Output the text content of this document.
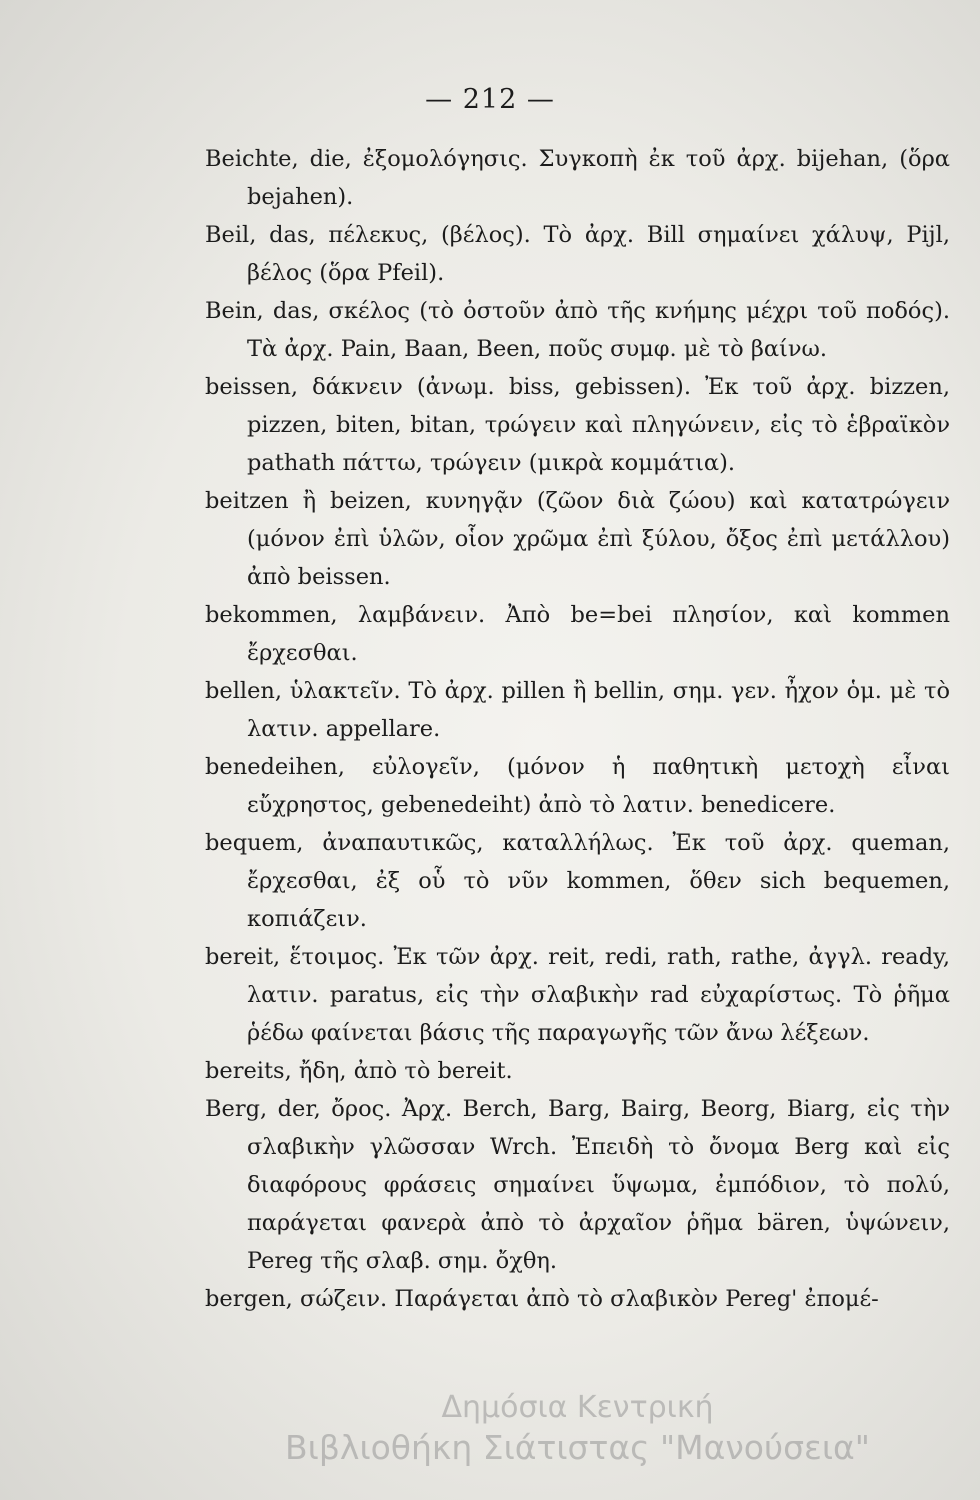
— 212 —

Beichte, die, ἐξομολόγησις. Συγκοπὴ ἐκ τοῦ ἀρχ. bijehan, (ὅρα bejahen).

Beil, das, πέλεκυς, (βέλος). Τὸ ἀρχ. Bill σημαίνει χάλυψ, Pijl, βέλος (ὅρα Pfeil).

Bein, das, σκέλος (τὸ ὀστοῦν ἀπὸ τῆς κνήμης μέχρι τοῦ ποδός). Τὰ ἀρχ. Pain, Baan, Been, ποῦς συμφ. μὲ τὸ βαίνω.

beissen, δάκνειν (ἀνωμ. biss, gebissen). Ἐκ τοῦ ἀρχ. bizzen, pizzen, biten, bitan, τρώγειν καὶ πληγώνειν, εἰς τὸ ἑβραϊκὸν pathath πάττω, τρώγειν (μικρὰ κομμάτια).

beitzen ἢ beizen, κυνηγᾷν (ζῶον διὰ ζώου) καὶ κατατρώγειν (μόνον ἐπὶ ὑλῶν, οἷον χρῶμα ἐπὶ ξύλου, ὄξος ἐπὶ μετάλλου) ἀπὸ beissen.

bekommen, λαμβάνειν. Ἀπὸ be=bei πλησίον, καὶ kommen ἔρχεσθαι.

bellen, ὑλακτεῖν. Τὸ ἀρχ. pillen ἢ bellin, σημ. γεν. ἦχον ὁμ. μὲ τὸ λατιν. appellare.

benedeihen, εὐλογεῖν, (μόνον ἡ παθητικὴ μετοχὴ εἶναι εὔχρηστος, gebenedeiht) ἀπὸ τὸ λατιν. benedicere.

bequem, ἀναπαυτικῶς, καταλλήλως. Ἐκ τοῦ ἀρχ. queman, ἔρχεσθαι, ἐξ οὗ τὸ νῦν kommen, ὅθεν sich bequemen, κοπιάζειν.

bereit, ἕτοιμος. Ἐκ τῶν ἀρχ. reit, redi, rath, rathe, ἀγγλ. ready, λατιν. paratus, εἰς τὴν σλαβικὴν rad εὐχαρίστως. Τὸ ῥῆμα ῥέδω φαίνεται βάσις τῆς παραγωγῆς τῶν ἄνω λέξεων.

bereits, ἤδη, ἀπὸ τὸ bereit.

Berg, der, ὄρος. Ἀρχ. Berch, Barg, Bairg, Beorg, Biarg, εἰς τὴν σλαβικὴν γλῶσσαν Wrch. Ἐπειδὴ τὸ ὄνομα Berg καὶ εἰς διαφόρους φράσεις σημαίνει ὕψωμα, ἐμπόδιον, τὸ πολύ, παράγεται φανερὰ ἀπὸ τὸ ἀρχαῖον ῥῆμα bären, ὑψώνειν, Pereg τῆς σλαβ. σημ. ὄχθη.

bergen, σώζειν. Παράγεται ἀπὸ τὸ σλαβικὸν Pereg' ἐπομέ-

Δημόσια Κεντρική
Βιβλιοθήκη Σιάτιστας "Μανούσεια"
